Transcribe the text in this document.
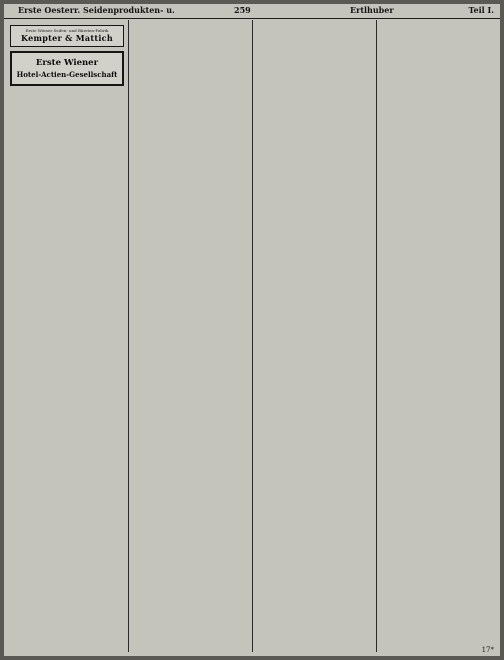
Erste Oesterr. Seidenprodukten- u.	259	Ertlhuber	Teil I.
Erste Wiener Seifen- und Bürsten-Fabrik
Kempter & Mattich
Erste Wiener
Hotel-Actien-Gesellschaft
17*
